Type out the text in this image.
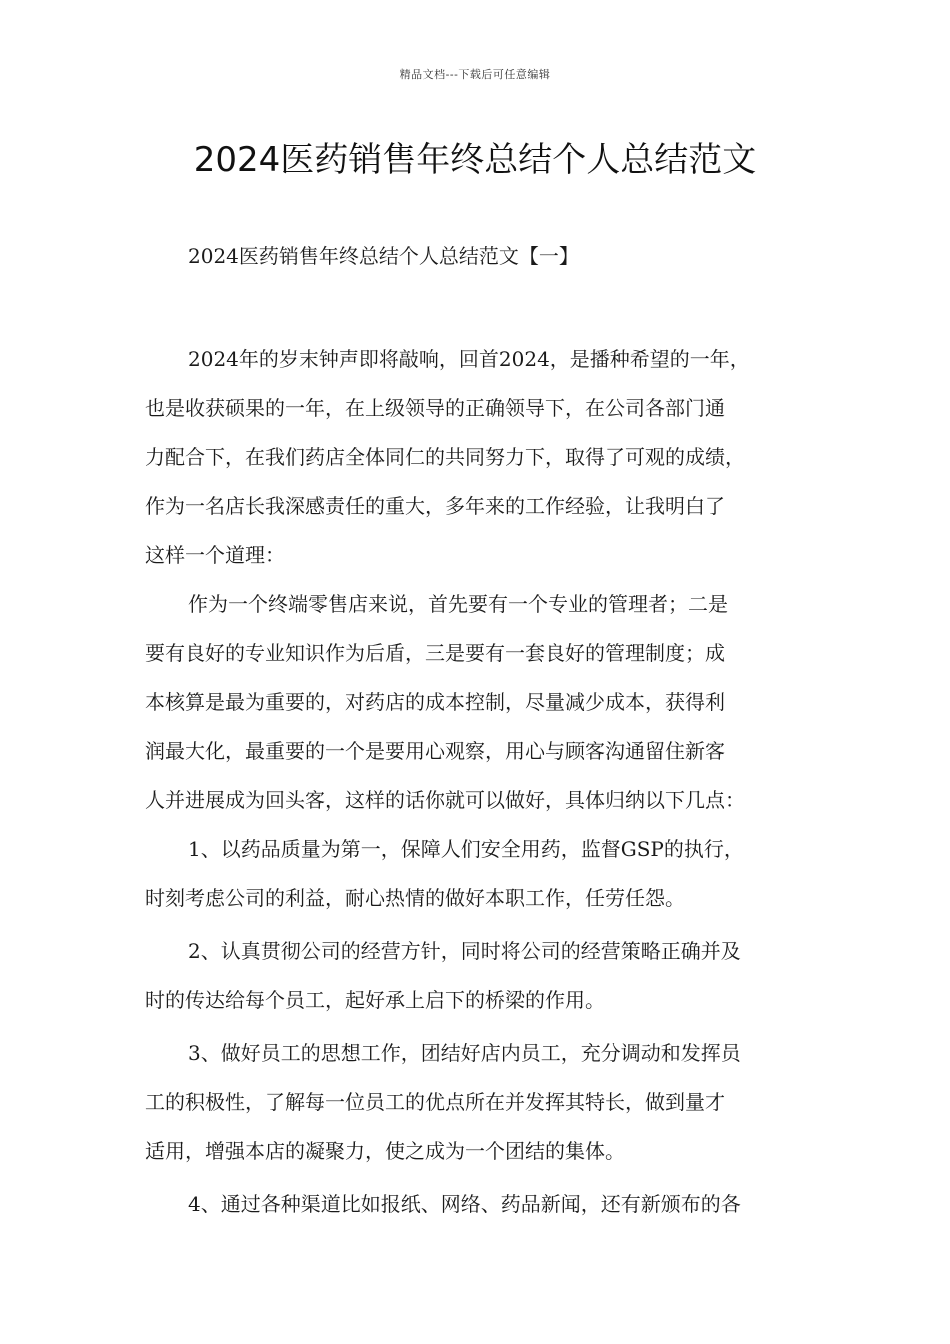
精品文档---下载后可任意编辑
2024医药销售年终总结个人总结范文

2024医药销售年终总结个人总结范文【一】

2024年的岁末钟声即将敲响，回首2024，是播种希望的一年，
也是收获硕果的一年，在上级领导的正确领导下，在公司各部门通
力配合下，在我们药店全体同仁的共同努力下，取得了可观的成绩，
作为一名店长我深感责任的重大，多年来的工作经验，让我明白了
这样一个道理：
作为一个终端零售店来说，首先要有一个专业的管理者；二是
要有良好的专业知识作为后盾，三是要有一套良好的管理制度；成
本核算是最为重要的，对药店的成本控制，尽量减少成本，获得利
润最大化，最重要的一个是要用心观察，用心与顾客沟通留住新客
人并进展成为回头客，这样的话你就可以做好，具体归纳以下几点：
1、以药品质量为第一，保障人们安全用药，监督GSP的执行，
时刻考虑公司的利益，耐心热情的做好本职工作，任劳任怨。
2、认真贯彻公司的经营方针，同时将公司的经营策略正确并及
时的传达给每个员工，起好承上启下的桥梁的作用。
3、做好员工的思想工作，团结好店内员工，充分调动和发挥员
工的积极性，了解每一位员工的优点所在并发挥其特长，做到量才
适用，增强本店的凝聚力，使之成为一个团结的集体。
4、通过各种渠道比如报纸、网络、药品新闻，还有新颁布的各
